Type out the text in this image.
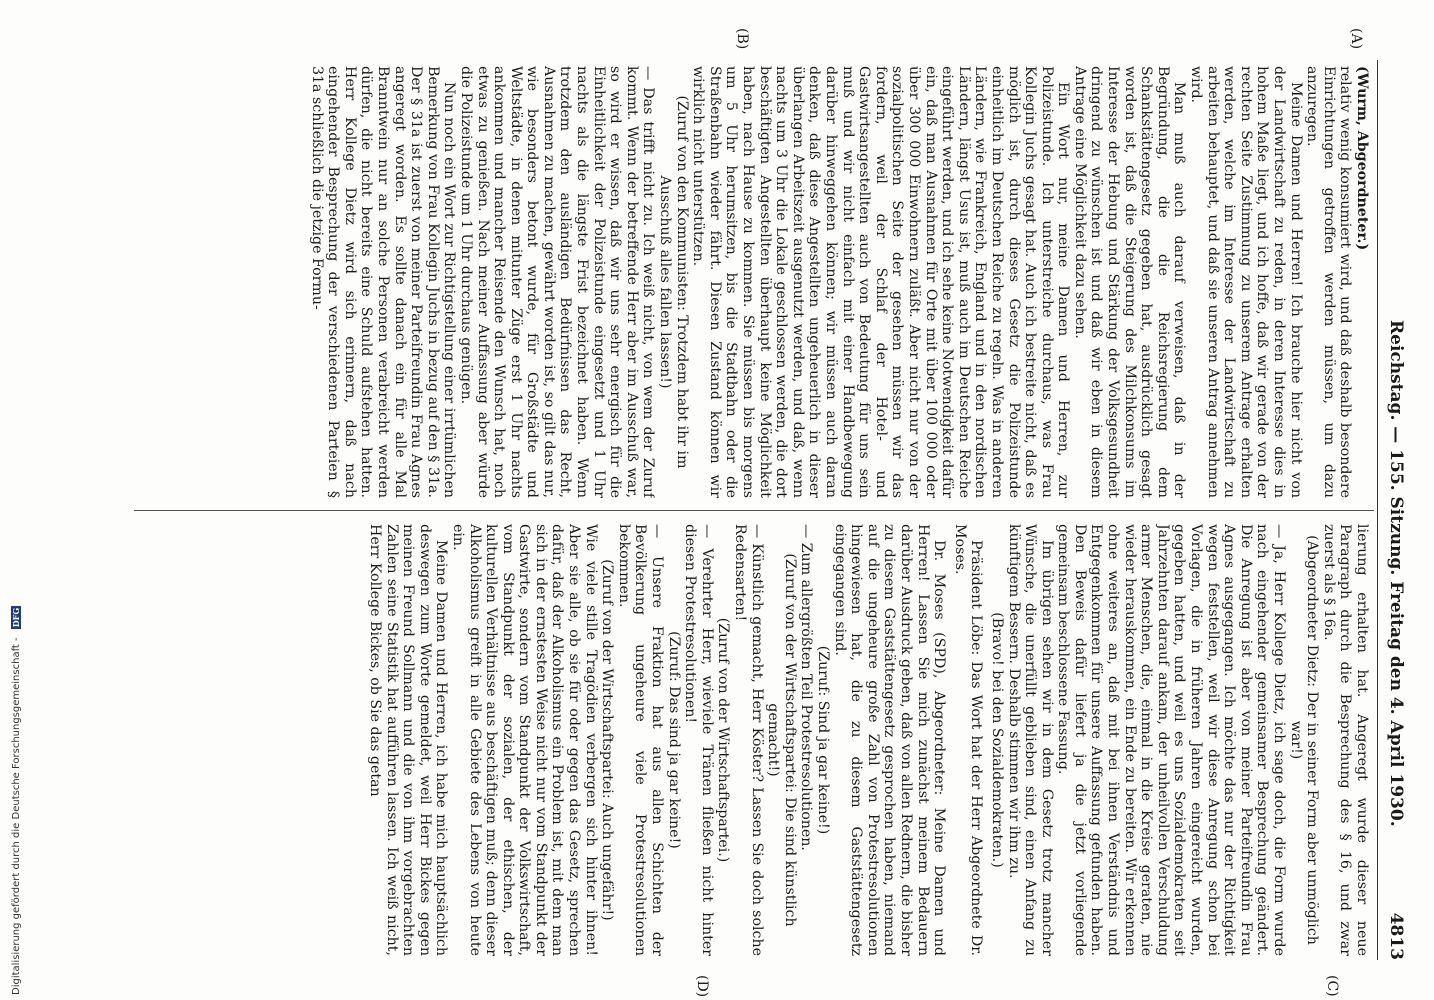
Reichstag. — 155. Sitzung. Freitag den 4. April 1930.
4813
(A)
(B)
(C)
(D)

(Wurm, Abgeordneter.)

relativ wenig konsumiert wird, und daß deshalb besondere Einrichtungen getroffen werden müssen, um dazu anzuregen.

Meine Damen und Herren! Ich brauche hier nicht von der Landwirtschaft zu reden, in deren Interesse dies in hohem Maße liegt, und ich hoffe, daß wir gerade von der rechten Seite Zustimmung zu unserem Antrage erhalten werden, welche im Interesse der Landwirtschaft zu arbeiten behauptet, und daß sie unseren Antrag annehmen wird.

Man muß auch darauf verweisen, daß in der Begründung, die die Reichsregierung dem Schankstättengesetz gegeben hat, ausdrücklich gesagt worden ist, daß die Steigerung des Milchkonsums im Interesse der Hebung und Stärkung der Volksgesundheit dringend zu wünschen ist und daß wir eben in diesem Antrage eine Möglichkeit dazu sehen.

Ein Wort nur, meine Damen und Herren, zur Polizeistunde. Ich unterstreiche durchaus, was Frau Kollegin Juchs gesagt hat. Auch ich bestreite nicht, daß es möglich ist, durch dieses Gesetz die Polizeistunde einheitlich im Deutschen Reiche zu regeln. Was in anderen Ländern, wie Frankreich, England und in den nordischen Ländern, längst Usus ist, muß auch im Deutschen Reiche eingeführt werden, und ich sehe keine Notwendigkeit dafür ein, daß man Ausnahmen für Orte mit über 100 000 oder über 300 000 Einwohnern zuläßt. Aber nicht nur von der sozialpolitischen Seite der gesehen müssen wir das fordern, weil der Schlaf der Hotel- und Gastwirtsangestellten auch von Bedeutung für uns sein muß und wir nicht einfach mit einer Handbewegung darüber hinweggehen können; wir müssen auch daran denken, daß diese Angestellten ungeheuerlich in dieser überlangen Arbeitszeit ausgenutzt werden, und daß, wenn nachts um 3 Uhr die Lokale geschlossen werden, die dort beschäftigten Angestellten überhaupt keine Möglichkeit haben, nach Hause zu kommen. Sie müssen bis morgens um 5 Uhr herumsitzen, bis die Stadtbahn oder die Straßenbahn wieder fährt. Diesen Zustand können wir wirklich nicht unterstützen.

(Zuruf von den Kommunisten: Trotzdem habt ihr im Ausschuß alles fallen lassen!)

— Das trifft nicht zu. Ich weiß nicht, von wem der Zuruf kommt. Wenn der betreffende Herr aber im Ausschuß war, so wird er wissen, daß wir uns sehr energisch für die Einheitlichkeit der Polizeistunde eingesetzt und 1 Uhr nachts als die längste Frist bezeichnet haben. Wenn trotzdem den ausländigen Bedürfnissen das Recht, Ausnahmen zu machen, gewährt worden ist, so gilt das nur, wie besonders betont wurde, für Großstädte und Weltstädte, in denen mitunter Züge erst 1 Uhr nachts ankommen und mancher Reisende den Wunsch hat, noch etwas zu genießen. Nach meiner Auffassung aber würde die Polizeistunde um 1 Uhr durchaus genügen.

Nun noch ein Wort zur Richtigstellung einer irrtümlichen Bemerkung von Frau Kollegin Juchs in bezug auf den § 31a. Der § 31a ist zuerst von meiner Parteifreundin Frau Agnes angeregt worden. Es sollte danach ein für alle Mal Branntwein nur an solche Personen verabreicht werden dürfen, die nicht bereits eine Schuld aufstehen hatten. Herr Kollege Dietz wird sich erinnern, daß nach eingehender Besprechung der verschiedenen Parteien § 31a schließlich die jetzige Formu-

lierung erhalten hat. Angeregt wurde dieser neue Paragraph durch die Besprechung des § 16, und zwar zuerst als § 16a.

(Abgeordneter Dietz: Der in seiner Form aber unmöglich war!)

— Ja, Herr Kollege Dietz, ich sage doch, die Form wurde nach eingehender gemeinsamer Besprechung geändert. Die Anregung ist aber von meiner Parteifreundin Frau Agnes ausgegangen. Ich möchte das nur der Richtigkeit wegen feststellen, weil wir diese Anregung schon bei Vorlagen, die in früheren Jahren eingereicht wurden, gegeben hatten, und weil es uns Sozialdemokraten seit Jahrzehnten darauf ankam, der unheilvollen Verschuldung armer Menschen, die, einmal in die Kreise geraten, nie wieder herauskommen, ein Ende zu bereiten. Wir erkennen ohne weiteres an, daß mit bei ihnen Verständnis und Entgegenkommen für unsere Auffassung gefunden haben. Den Beweis dafür liefert ja die jetzt vorliegende gemeinsam beschlossene Fassung.

Im übrigen sehen wir in dem Gesetz trotz mancher Wünsche, die unerfüllt geblieben sind, einen Anfang zu künftigem Bessern. Deshalb stimmen wir ihm zu.

(Bravo! bei den Sozialdemokraten.)

Präsident Löbe: Das Wort hat der Herr Abgeordnete Dr. Moses.

Dr. Moses (SPD), Abgeordneter: Meine Damen und Herren! Lassen Sie mich zunächst meinem Bedauern darüber Ausdruck geben, daß von allen Rednern, die bisher zu diesem Gaststättengesetz gesprochen haben, niemand auf die ungeheure große Zahl von Protestresolutionen hingewiesen hat, die zu diesem Gaststättengesetz eingegangen sind.

(Zuruf: Sind ja gar keine!)

— Zum allergrößten Teil Protestresolutionen.

(Zuruf von der Wirtschaftspartei: Die sind künstlich gemacht!)

— Künstlich gemacht, Herr Köster? Lassen Sie doch solche Redensarten!

(Zuruf von der Wirtschaftspartei.)

— Verehrter Herr, wieviele Tränen fließen nicht hinter diesen Protestresolutionen!

(Zuruf: Das sind ja gar keine!)

— Unsere Fraktion hat aus allen Schichten der Bevölkerung ungeheure viele Protestresolutionen bekommen.

(Zuruf von der Wirtschaftspartei: Auch ungefähr!)

Wie viele stille Tragödien verbergen sich hinter ihnen! Aber sie alle, ob sie für oder gegen das Gesetz, sprechen dafür, daß der Alkoholismus ein Problem ist, mit dem man sich in der ernstesten Weise nicht nur vom Standpunkt der Gastwirte, sondern vom Standpunkt der Volkswirtschaft, vom Standpunkt der sozialen, der ethischen, der kulturellen Verhältnisse aus beschäftigen muß; denn dieser Alkoholismus greift in alle Gebiete des Lebens von heute ein.

Meine Damen und Herren, ich habe mich hauptsächlich deswegen zum Worte gemeldet, weil Herr Bickes gegen meinen Freund Sollmann und die von ihm vorgebrachten Zahlen seine Statistik hat aufführen lassen. Ich weiß nicht, Herr Kollege Bickes, ob Sie das getan

Digitalisierung gefördert durch die Deutsche Forschungsgemeinschaft - DFG
